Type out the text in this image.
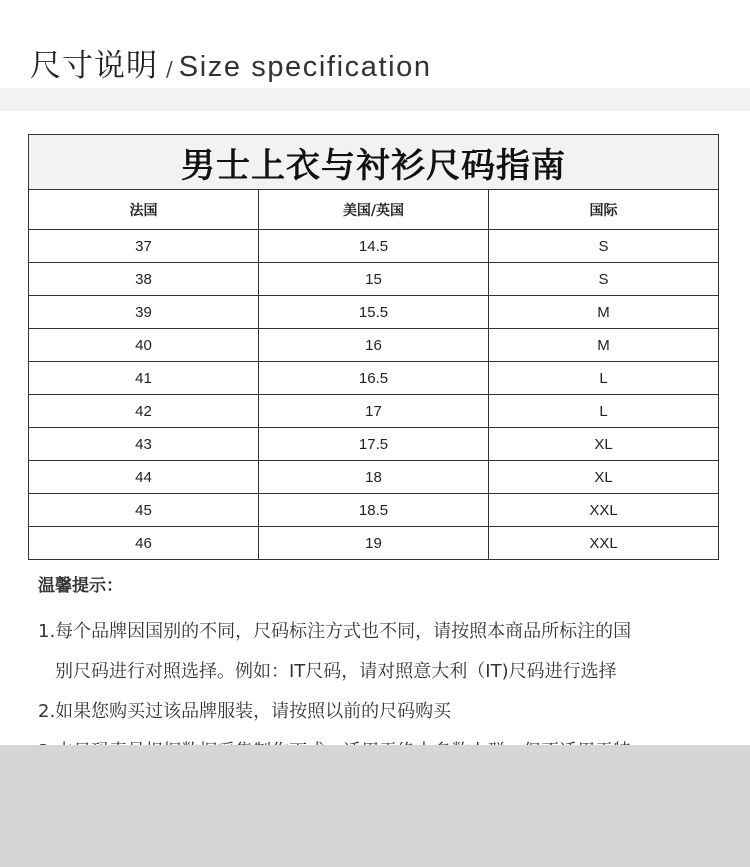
尺寸说明 / Size specification
男士上衣与衬衫尺码指南		
法国	美国/英国	国际
37	14.5	S
38	15	S
39	15.5	M
40	16	M
41	16.5	L
42	17	L
43	17.5	XL
44	18	XL
45	18.5	XXL
46	19	XXL
温馨提示：
1.每个品牌因国别的不同，尺码标注方式也不同，请按照本商品所标注的国
别尺码进行对照选择。例如：IT尺码，请对照意大利（IT)尺码进行选择
2.如果您购买过该品牌服装，请按照以前的尺码购买
